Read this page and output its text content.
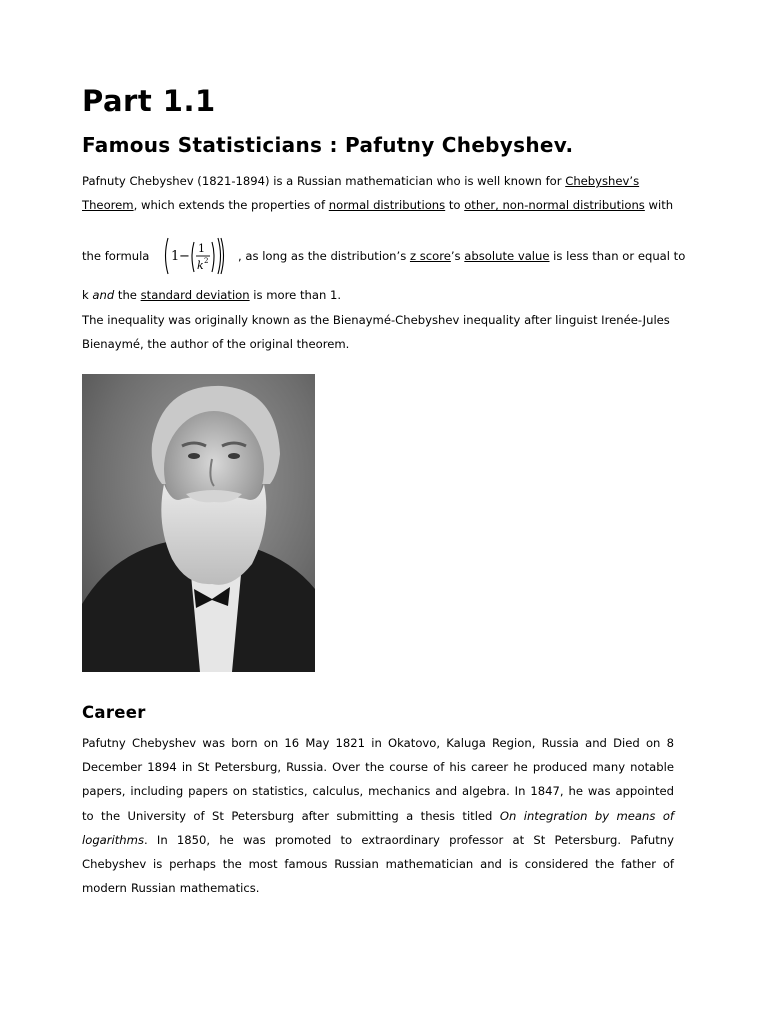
Part 1.1
Famous Statisticians : Pafutny Chebyshev.
Pafnuty Chebyshev (1821-1894) is a Russian mathematician who is well known for Chebyshev’s
Theorem, which extends the properties of normal distributions to other, non-normal distributions with
the formula 1 −
1
k 2	, as long as the distribution’s z score’s absolute value is less than or equal to
k and the standard deviation is more than 1.
The inequality was originally known as the Bienaymé-Chebyshev inequality after linguist Irenée-Jules
Bienaymé, the author of the original theorem.
Career
Pafutny Chebyshev was born on 16 May 1821 in Okatovo, Kaluga Region, Russia and Died on 8 December 1894 in St Petersburg, Russia. Over the course of his career he produced many notable papers, including papers on statistics, calculus, mechanics and algebra. In 1847, he was appointed to the University of St Petersburg after submitting a thesis titled On integration by means of logarithms. In 1850, he was promoted to extraordinary professor at St Petersburg. Pafutny Chebyshev is perhaps the most famous Russian mathematician and is considered the father of modern Russian mathematics.
